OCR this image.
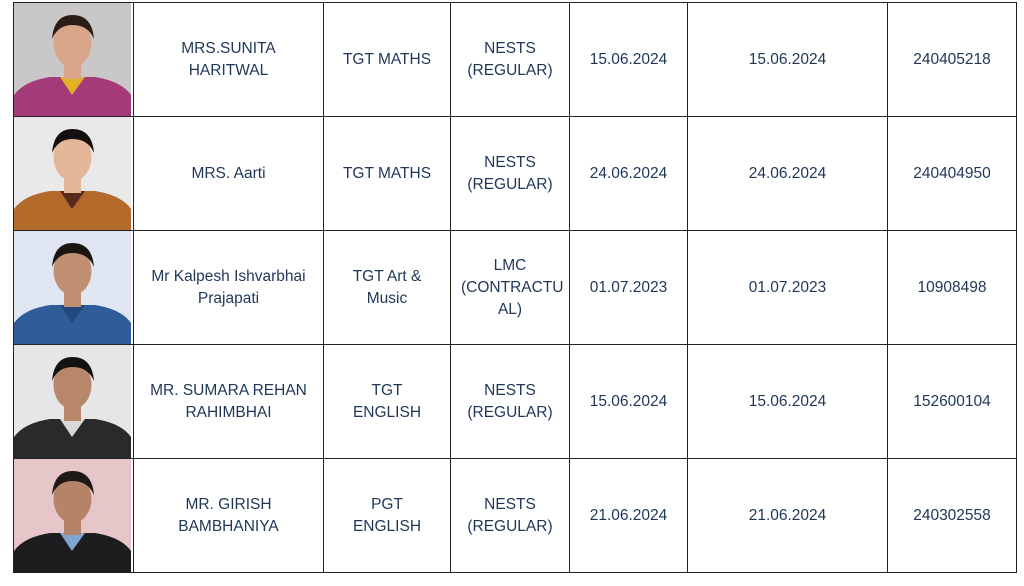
	MRS.SUNITA HARITWAL	TGT MATHS	NESTS (REGULAR)	15.06.2024	15.06.2024	240405218

	MRS. Aarti	TGT MATHS	NESTS (REGULAR)	24.06.2024	24.06.2024	240404950

	Mr Kalpesh Ishvarbhai Prajapati	TGT Art & Music	LMC (CONTRACTU AL)	01.07.2023	01.07.2023	10908498

	MR. SUMARA REHAN RAHIMBHAI	TGT ENGLISH	NESTS (REGULAR)	15.06.2024	15.06.2024	152600104

	MR. GIRISH BAMBHANIYA	PGT ENGLISH	NESTS (REGULAR)	21.06.2024	21.06.2024	240302558
